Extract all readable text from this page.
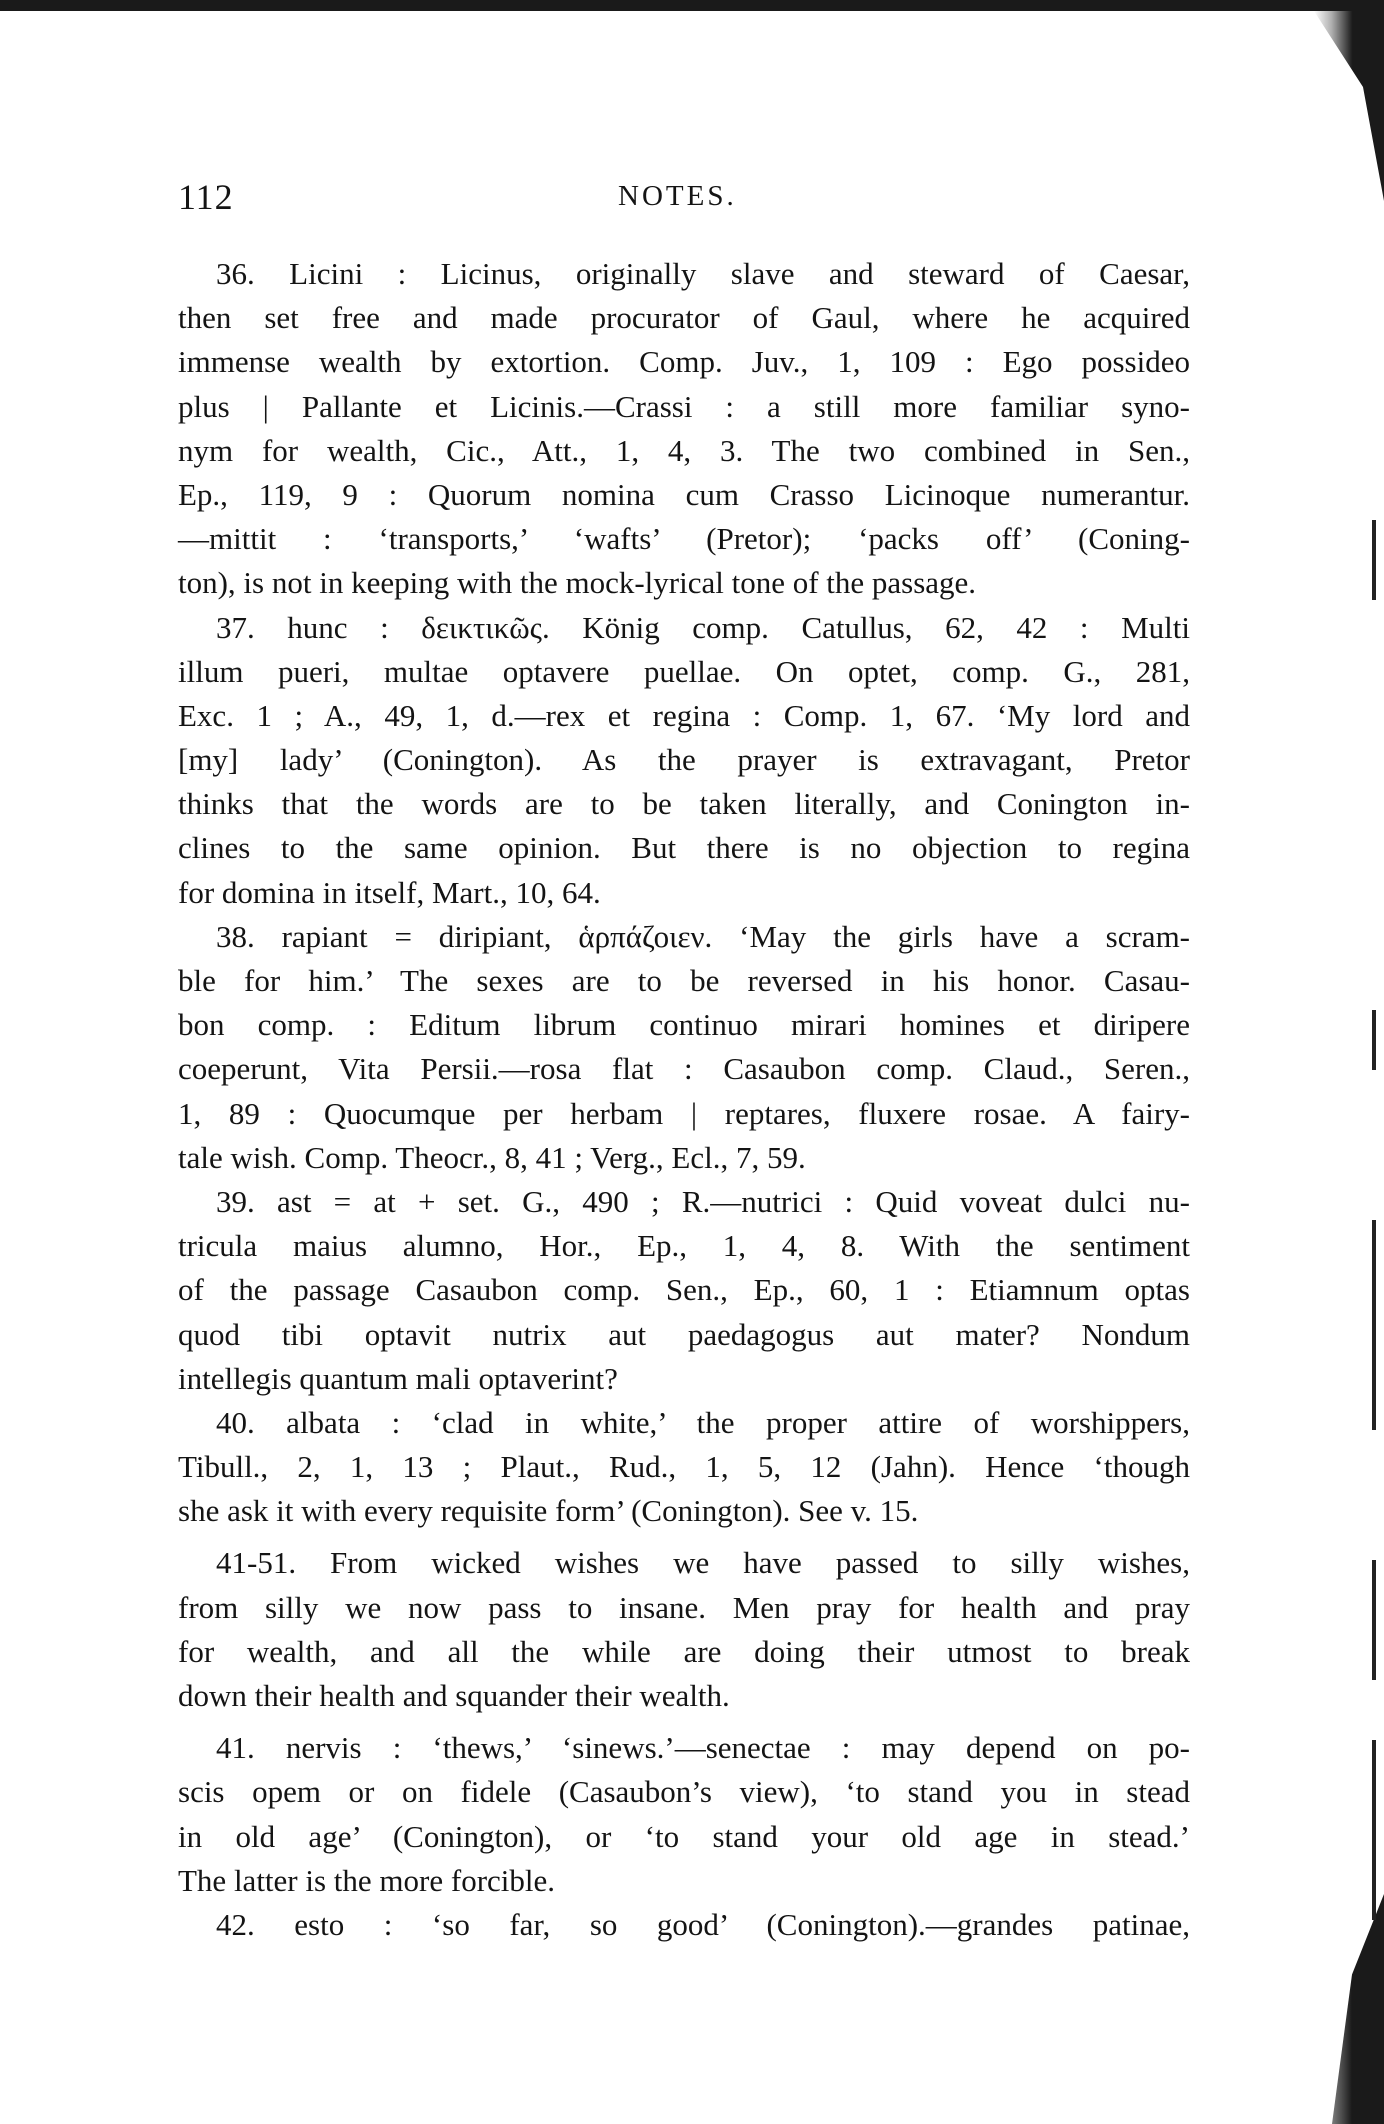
112	NOTES.
36. Licini : Licinus, originally slave and steward of Caesar,
then set free and made procurator of Gaul, where he acquired
immense wealth by extortion. Comp. Juv., 1, 109 : Ego possideo
plus | Pallante et Licinis.—Crassi : a still more familiar syno-
nym for wealth, Cic., Att., 1, 4, 3. The two combined in Sen.,
Ep., 119, 9 : Quorum nomina cum Crasso Licinoque numerantur.
—mittit : ‘transports,’ ‘wafts’ (Pretor); ‘packs off’ (Coning-
ton), is not in keeping with the mock-lyrical tone of the passage.
37. hunc : δεικτικῶς. König comp. Catullus, 62, 42 : Multi
illum pueri, multae optavere puellae. On optet, comp. G., 281,
Exc. 1 ; A., 49, 1, d.—rex et regina : Comp. 1, 67. ‘My lord and
[my] lady’ (Conington). As the prayer is extravagant, Pretor
thinks that the words are to be taken literally, and Conington in-
clines to the same opinion. But there is no objection to regina
for domina in itself, Mart., 10, 64.
38. rapiant = diripiant, ἁρπάζοιεν. ‘May the girls have a scram-
ble for him.’ The sexes are to be reversed in his honor. Casau-
bon comp. : Editum librum continuo mirari homines et diripere
coeperunt, Vita Persii.—rosa flat : Casaubon comp. Claud., Seren.,
1, 89 : Quocumque per herbam | reptares, fluxere rosae. A fairy-
tale wish. Comp. Theocr., 8, 41 ; Verg., Ecl., 7, 59.
39. ast = at + set. G., 490 ; R.—nutrici : Quid voveat dulci nu-
tricula maius alumno, Hor., Ep., 1, 4, 8. With the sentiment
of the passage Casaubon comp. Sen., Ep., 60, 1 : Etiamnum optas
quod tibi optavit nutrix aut paedagogus aut mater? Nondum
intellegis quantum mali optaverint?
40. albata : ‘clad in white,’ the proper attire of worshippers,
Tibull., 2, 1, 13 ; Plaut., Rud., 1, 5, 12 (Jahn). Hence ‘though
she ask it with every requisite form’ (Conington). See v. 15.
41-51. From wicked wishes we have passed to silly wishes,
from silly we now pass to insane. Men pray for health and pray
for wealth, and all the while are doing their utmost to break
down their health and squander their wealth.
41. nervis : ‘thews,’ ‘sinews.’—senectae : may depend on po-
scis opem or on fidele (Casaubon’s view), ‘to stand you in stead
in old age’ (Conington), or ‘to stand your old age in stead.’
The latter is the more forcible.
42. esto : ‘so far, so good’ (Conington).—grandes patinae,
